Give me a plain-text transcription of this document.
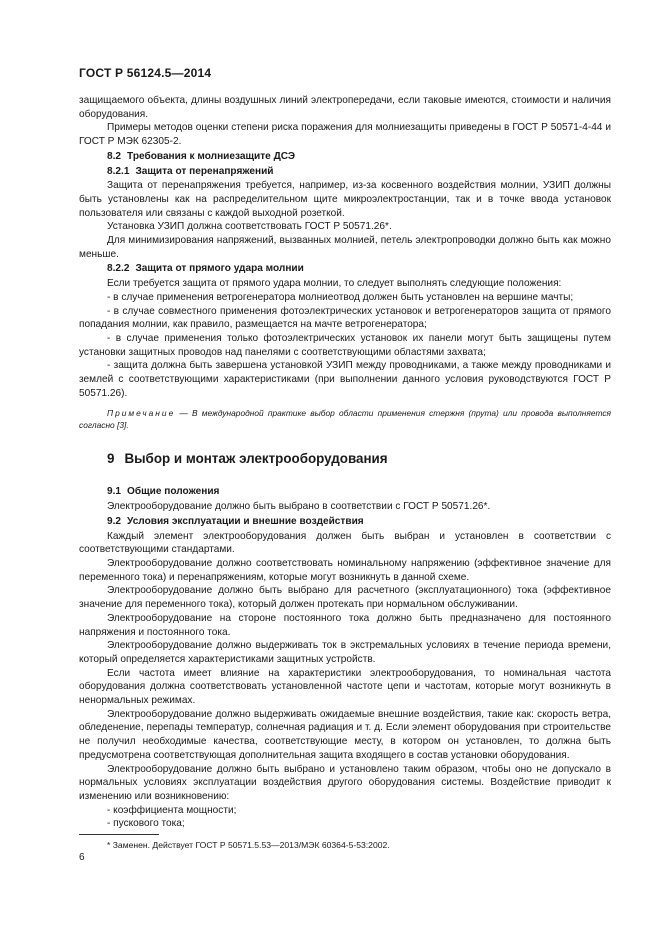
ГОСТ Р 56124.5—2014

защищаемого объекта, длины воздушных линий электропередачи, если таковые имеются, стоимости и наличия оборудования.

Примеры методов оценки степени риска поражения для молниезащиты приведены в ГОСТ Р 50571-4-44 и ГОСТ Р МЭК 62305-2.

8.2 Требования к молниезащите ДСЭ
8.2.1 Защита от перенапряжений

Защита от перенапряжения требуется, например, из-за косвенного воздействия молнии, УЗИП должны быть установлены как на распределительном щите микроэлектростанции, так и в точке ввода установок пользователя или связаны с каждой выходной розеткой.

Установка УЗИП должна соответствовать ГОСТ Р 50571.26*.

Для минимизирования напряжений, вызванных молнией, петель электропроводки должно быть как можно меньше.

8.2.2 Защита от прямого удара молнии

Если требуется защита от прямого удара молнии, то следует выполнять следующие положения:

- в случае применения ветрогенератора молниеотвод должен быть установлен на вершине мачты;

- в случае совместного применения фотоэлектрических установок и ветрогенераторов защита от прямого попадания молнии, как правило, размещается на мачте ветрогенератора;

- в случае применения только фотоэлектрических установок их панели могут быть защищены путем установки защитных проводов над панелями с соответствующими областями захвата;

- защита должна быть завершена установкой УЗИП между проводниками, а также между проводниками и землей с соответствующими характеристиками (при выполнении данного условия руководствуются ГОСТ Р 50571.26).

Примечание — В международной практике выбор области применения стержня (прута) или провода выполняется согласно [3].

9 Выбор и монтаж электрооборудования
9.1 Общие положения

Электрооборудование должно быть выбрано в соответствии с ГОСТ Р 50571.26*.

9.2 Условия эксплуатации и внешние воздействия

Каждый элемент электрооборудования должен быть выбран и установлен в соответствии с соответствующими стандартами.

Электрооборудование должно соответствовать номинальному напряжению (эффективное значение для переменного тока) и перенапряжениям, которые могут возникнуть в данной схеме.

Электрооборудование должно быть выбрано для расчетного (эксплуатационного) тока (эффективное значение для переменного тока), который должен протекать при нормальном обслуживании.

Электрооборудование на стороне постоянного тока должно быть предназначено для постоянного напряжения и постоянного тока.

Электрооборудование должно выдерживать ток в экстремальных условиях в течение периода времени, который определяется характеристиками защитных устройств.

Если частота имеет влияние на характеристики электрооборудования, то номинальная частота оборудования должна соответствовать установленной частоте цепи и частотам, которые могут возникнуть в ненормальных режимах.

Электрооборудование должно выдерживать ожидаемые внешние воздействия, такие как: скорость ветра, обледенение, перепады температур, солнечная радиация и т. д. Если элемент оборудования при строительстве не получил необходимые качества, соответствующие месту, в котором он установлен, то должна быть предусмотрена соответствующая дополнительная защита входящего в состав установки оборудования.

Электрооборудование должно быть выбрано и установлено таким образом, чтобы оно не допускало в нормальных условиях эксплуатации воздействия другого оборудования системы. Воздействие приводит к изменению или возникновению:

- коэффициента мощности;

- пускового тока;

* Заменен. Действует ГОСТ Р 50571.5.53—2013/МЭК 60364-5-53:2002.
6
